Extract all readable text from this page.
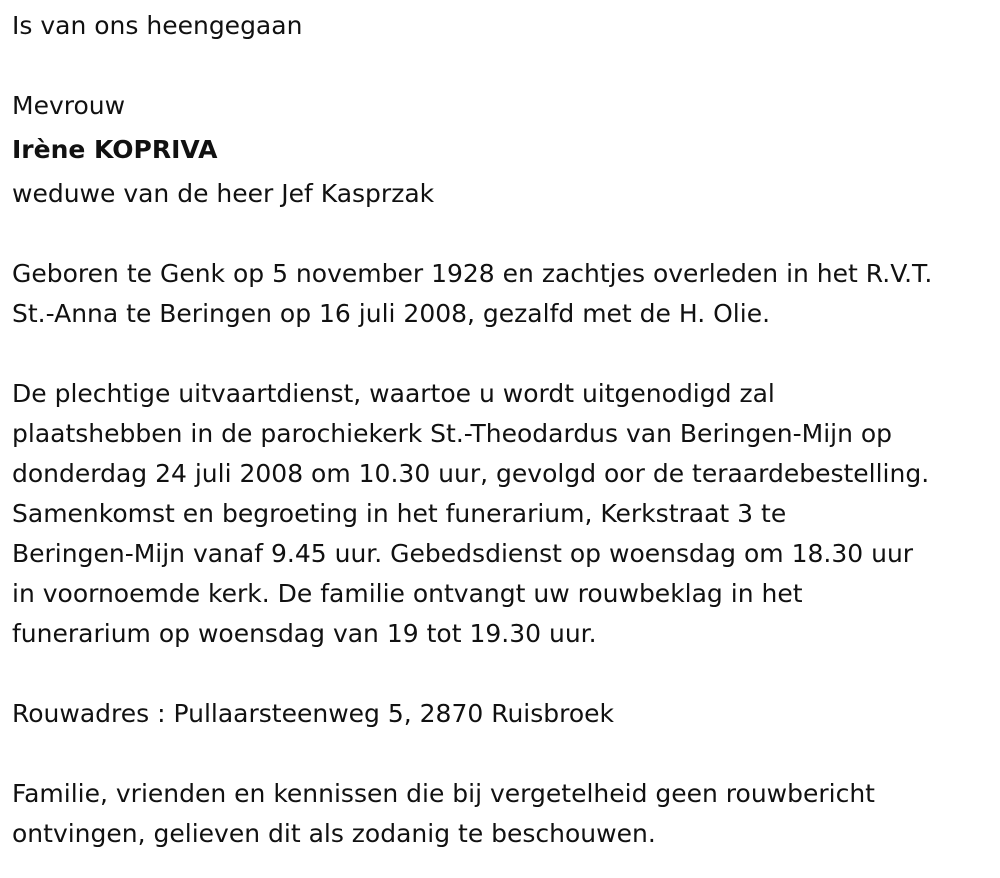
Is van ons heengegaan
Mevrouw
Irène KOPRIVA
weduwe van de heer Jef Kasprzak
Geboren te Genk op 5 november 1928 en zachtjes overleden in het R.V.T.
St.-Anna te Beringen op 16 juli 2008, gezalfd met de H. Olie.
De plechtige uitvaartdienst, waartoe u wordt uitgenodigd zal
plaatshebben in de parochiekerk St.-Theodardus van Beringen-Mijn op
donderdag 24 juli 2008 om 10.30 uur, gevolgd oor de teraardebestelling.
Samenkomst en begroeting in het funerarium, Kerkstraat 3 te
Beringen-Mijn vanaf 9.45 uur. Gebedsdienst op woensdag om 18.30 uur
in voornoemde kerk. De familie ontvangt uw rouwbeklag in het
funerarium op woensdag van 19 tot 19.30 uur.
Rouwadres : Pullaarsteenweg 5, 2870 Ruisbroek
Familie, vrienden en kennissen die bij vergetelheid geen rouwbericht
ontvingen, gelieven dit als zodanig te beschouwen.
